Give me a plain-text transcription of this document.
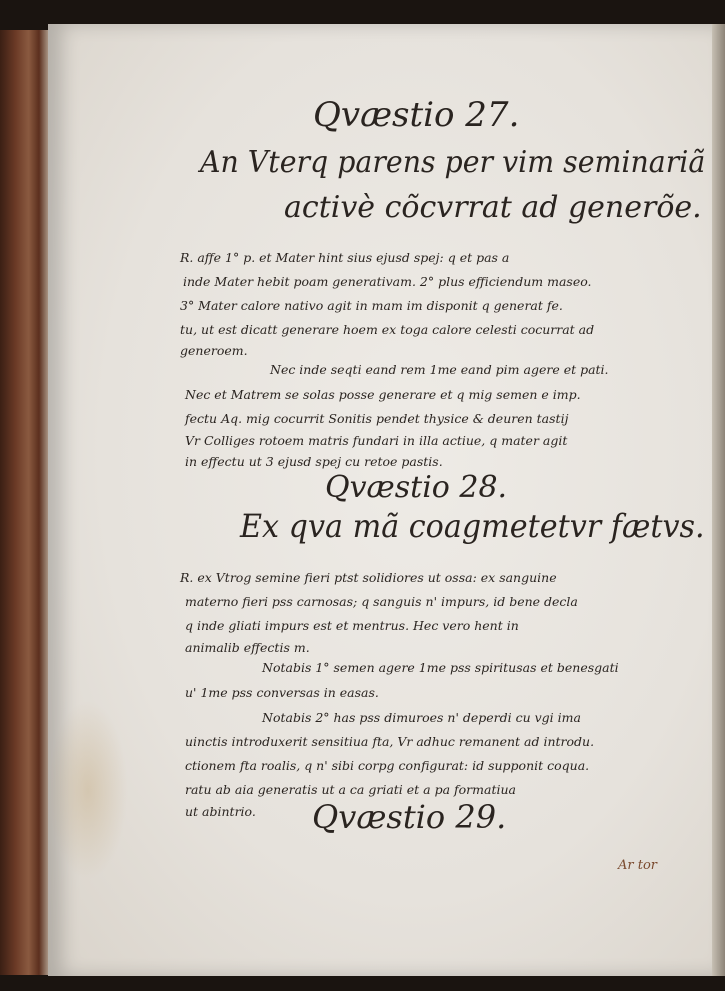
Qvæstio 27.
An Vterq parens per vim seminariã
activè cõcvrrat ad generõe.
R. affe 1° p. et Mater hint sius ejusd spej: q et pas a
inde Mater hebit poam generativam. 2° plus efficiendum maseo.
3° Mater calore nativo agit in mam im disponit q generat fe.
tu, ut est dicatt generare hoem ex toga calore celesti cocurrat ad
generoem.
Nec inde seqti eand rem 1me eand pim agere et pati.
Nec et Matrem se solas posse generare et q mig semen e imp.
fectu Aq. mig cocurrit Sonitis pendet thysice & deuren tastij
Vr Colliges rotoem matris fundari in illa actiue, q mater agit
in effectu ut 3 ejusd spej cu retoe pastis.
Qvæstio 28.
Ex qva mã coagmetetvr fætvs.
R. ex Vtrog semine fieri ptst solidiores ut ossa: ex sanguine
materno fieri pss carnosas; q sanguis n' impurs, id bene decla
q inde gliati impurs est et mentrus. Hec vero hent in
animalib effectis m.
Notabis 1° semen agere 1me pss spiritusas et benesgati
u' 1me pss conversas in easas.
Notabis 2° has pss dimuroes n' deperdi cu vgi ima
uinctis introduxerit sensitiua fta, Vr adhuc remanent ad introdu.
ctionem fta roalis, q n' sibi corpg configurat: id supponit coqua.
ratu ab aia generatis ut a ca griati et a pa formatiua
ut abintrio. Qvæstio 29.
Ar tor
